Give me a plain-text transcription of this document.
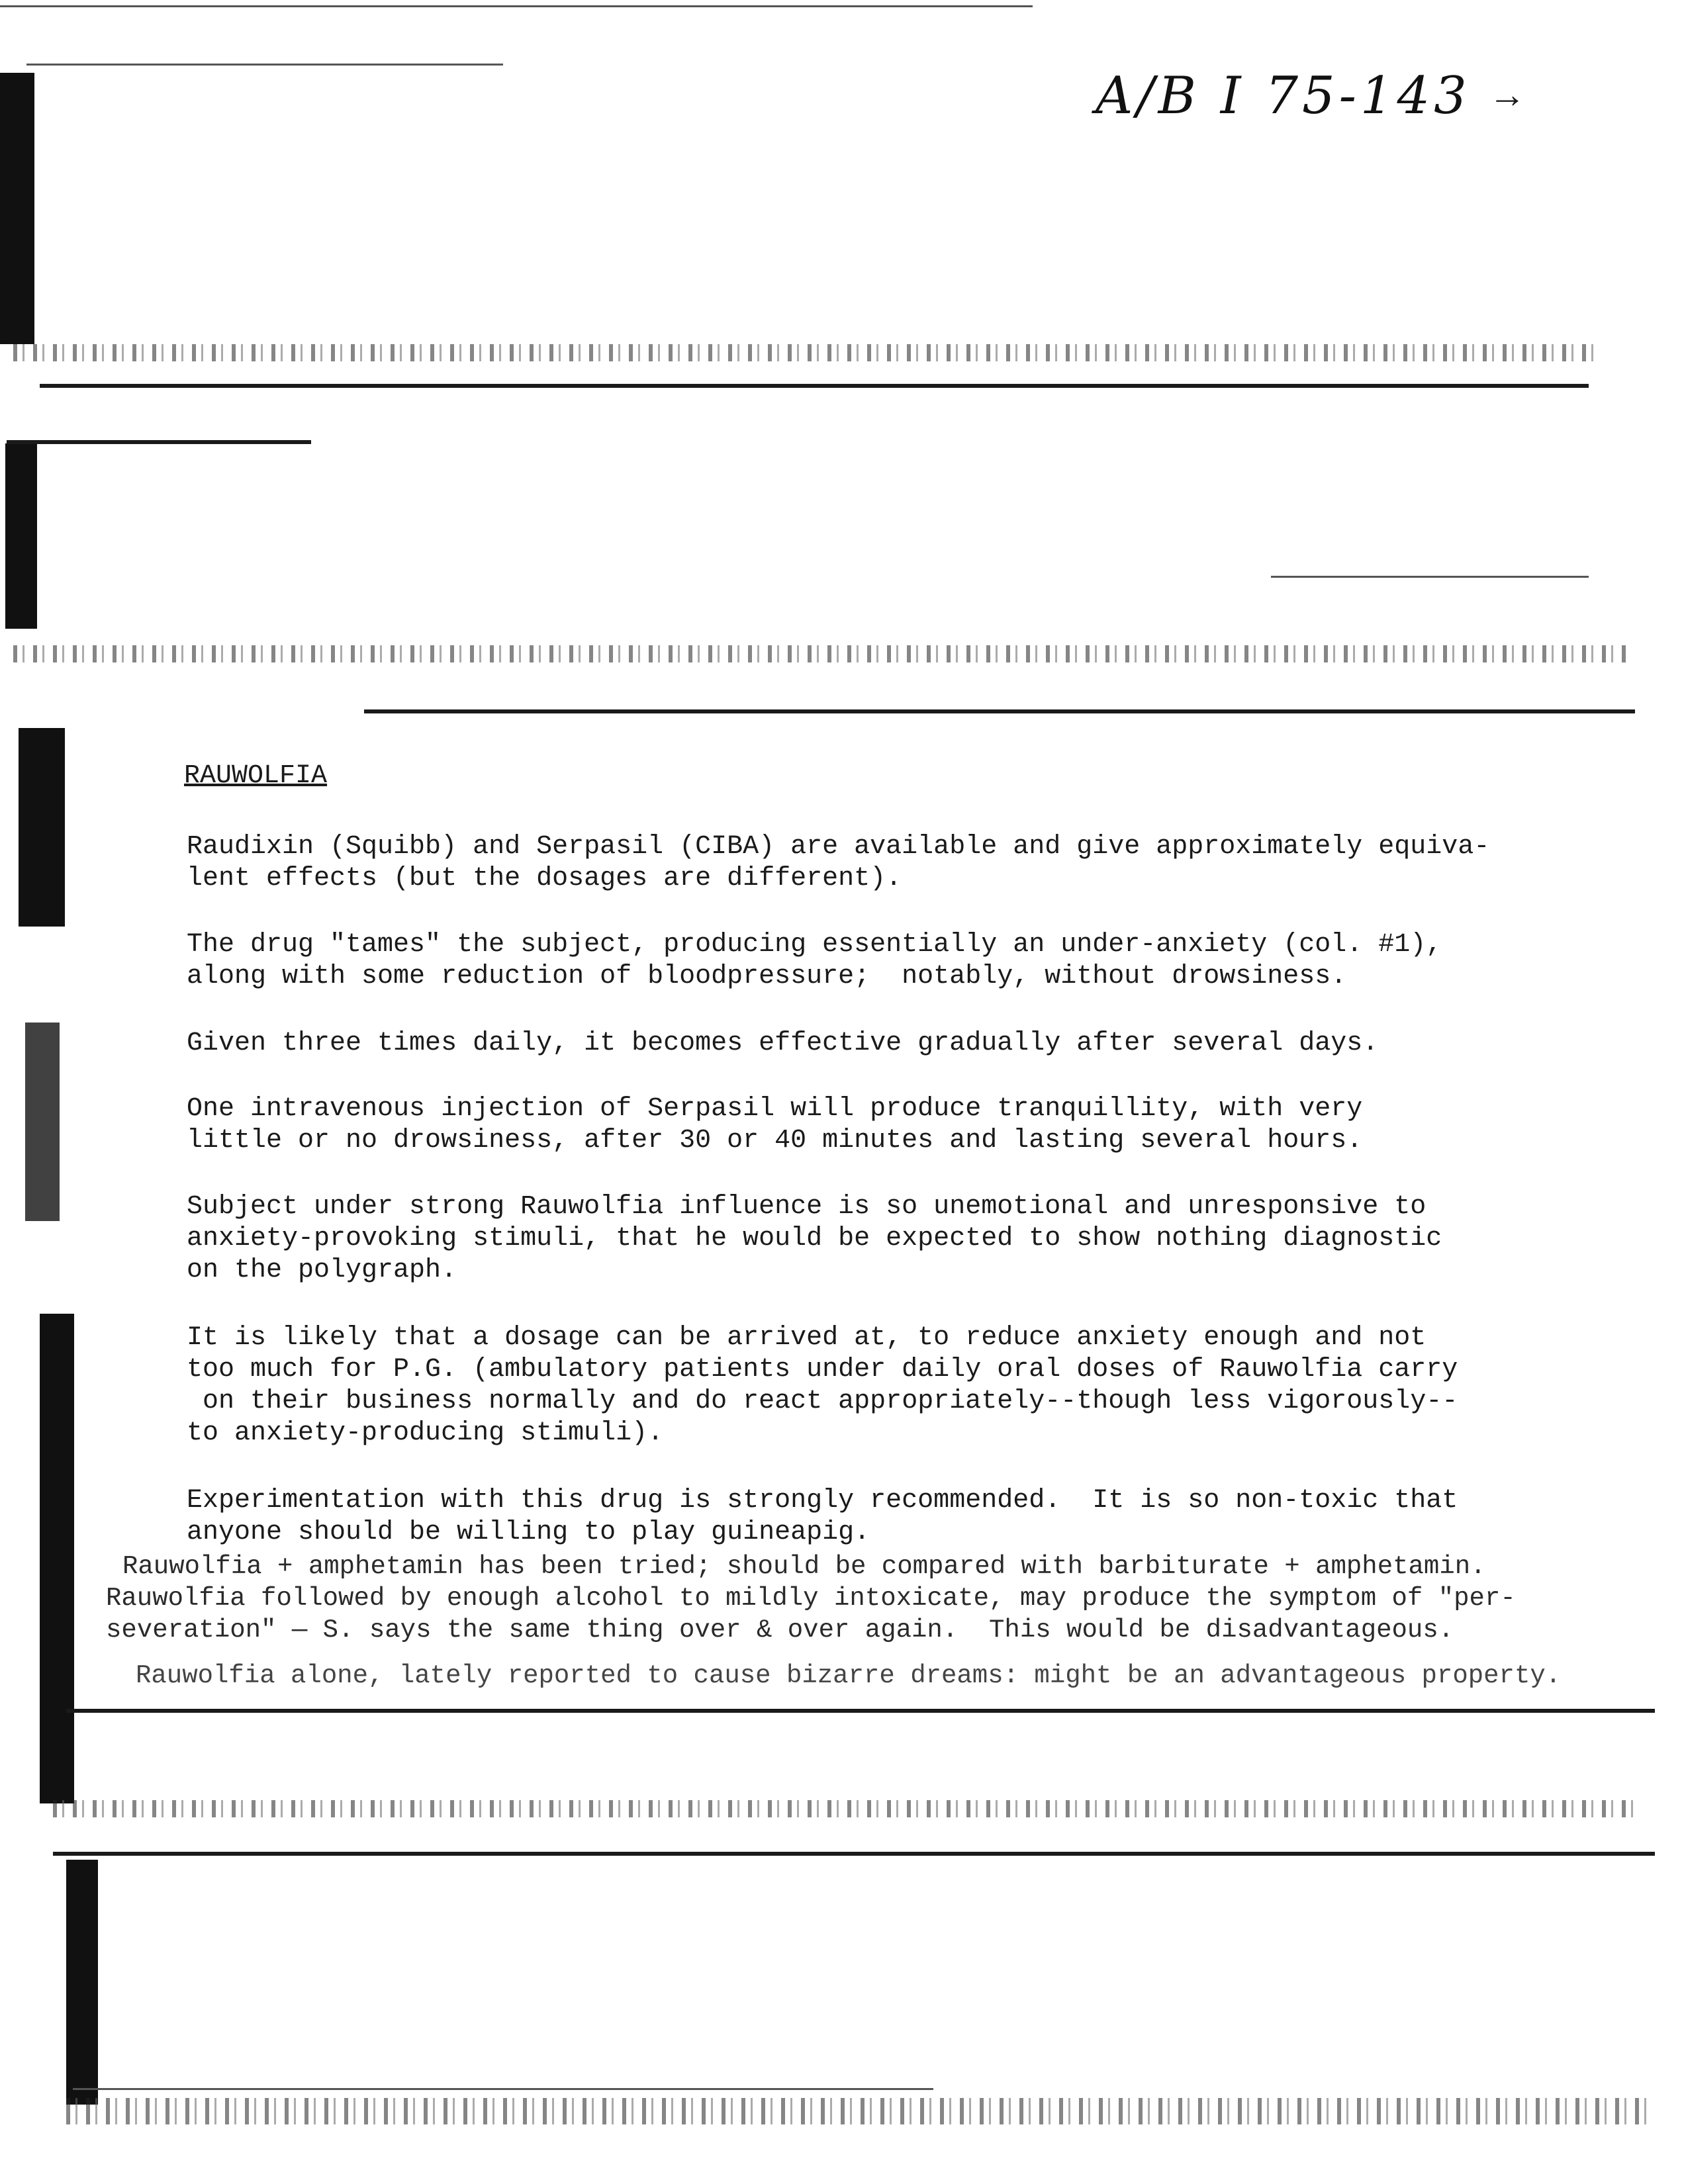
A/B I 75-143 →
RAUWOLFIA
Raudixin (Squibb) and Serpasil (CIBA) are available and give approximately equiva-
lent effects (but the dosages are different).
The drug "tames" the subject, producing essentially an under-anxiety (col. #1),
along with some reduction of bloodpressure;  notably, without drowsiness.
Given three times daily, it becomes effective gradually after several days.
One intravenous injection of Serpasil will produce tranquillity, with very
little or no drowsiness, after 30 or 40 minutes and lasting several hours.
Subject under strong Rauwolfia influence is so unemotional and unresponsive to
anxiety-provoking stimuli, that he would be expected to show nothing diagnostic
on the polygraph.
It is likely that a dosage can be arrived at, to reduce anxiety enough and not
too much for P.G. (ambulatory patients under daily oral doses of Rauwolfia carry
on their business normally and do react appropriately--though less vigorously--
to anxiety-producing stimuli).
Experimentation with this drug is strongly recommended.  It is so non-toxic that
anyone should be willing to play guineapig.
Rauwolfia + amphetamin has been tried; should be compared with barbiturate + amphetamin.
Rauwolfia followed by enough alcohol to mildly intoxicate, may produce the symptom of "per-
severation" — S. says the same thing over & over again.  This would be disadvantageous.
Rauwolfia alone, lately reported to cause bizarre dreams: might be an advantageous property.
